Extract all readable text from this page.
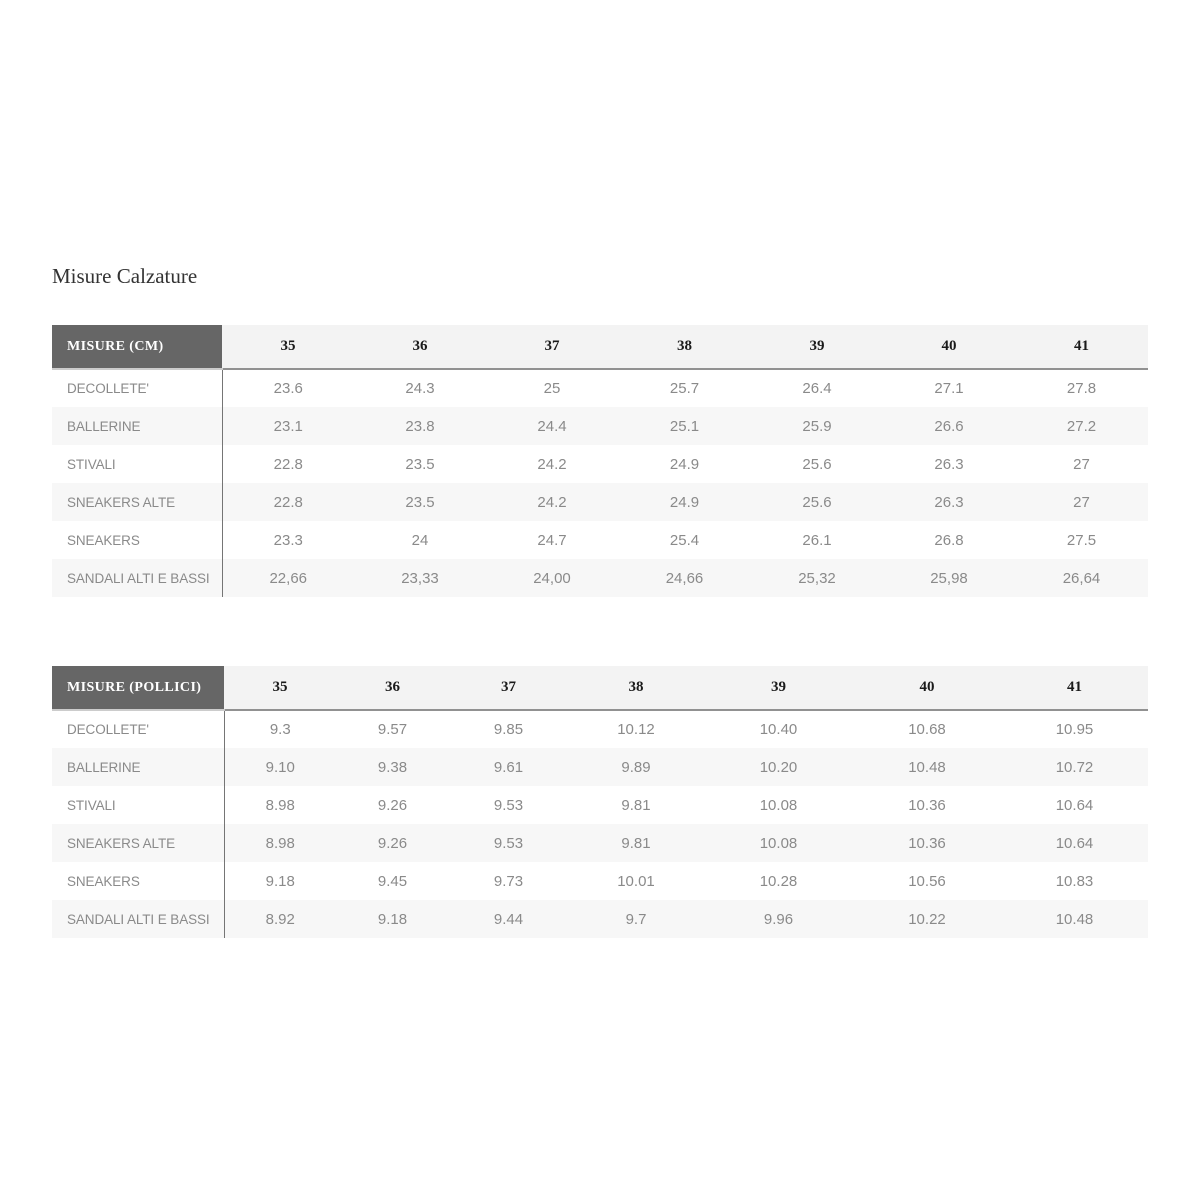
Misure Calzature
MISURE (CM)	35	36	37	38	39	40	41
DECOLLETE'	23.6	24.3	25	25.7	26.4	27.1	27.8
BALLERINE	23.1	23.8	24.4	25.1	25.9	26.6	27.2
STIVALI	22.8	23.5	24.2	24.9	25.6	26.3	27
SNEAKERS ALTE	22.8	23.5	24.2	24.9	25.6	26.3	27
SNEAKERS	23.3	24	24.7	25.4	26.1	26.8	27.5
SANDALI ALTI E BASSI	22,66	23,33	24,00	24,66	25,32	25,98	26,64
MISURE (POLLICI)	35	36	37	38	39	40	41
DECOLLETE'	9.3	9.57	9.85	10.12	10.40	10.68	10.95
BALLERINE	9.10	9.38	9.61	9.89	10.20	10.48	10.72
STIVALI	8.98	9.26	9.53	9.81	10.08	10.36	10.64
SNEAKERS ALTE	8.98	9.26	9.53	9.81	10.08	10.36	10.64
SNEAKERS	9.18	9.45	9.73	10.01	10.28	10.56	10.83
SANDALI ALTI E BASSI	8.92	9.18	9.44	9.7	9.96	10.22	10.48
